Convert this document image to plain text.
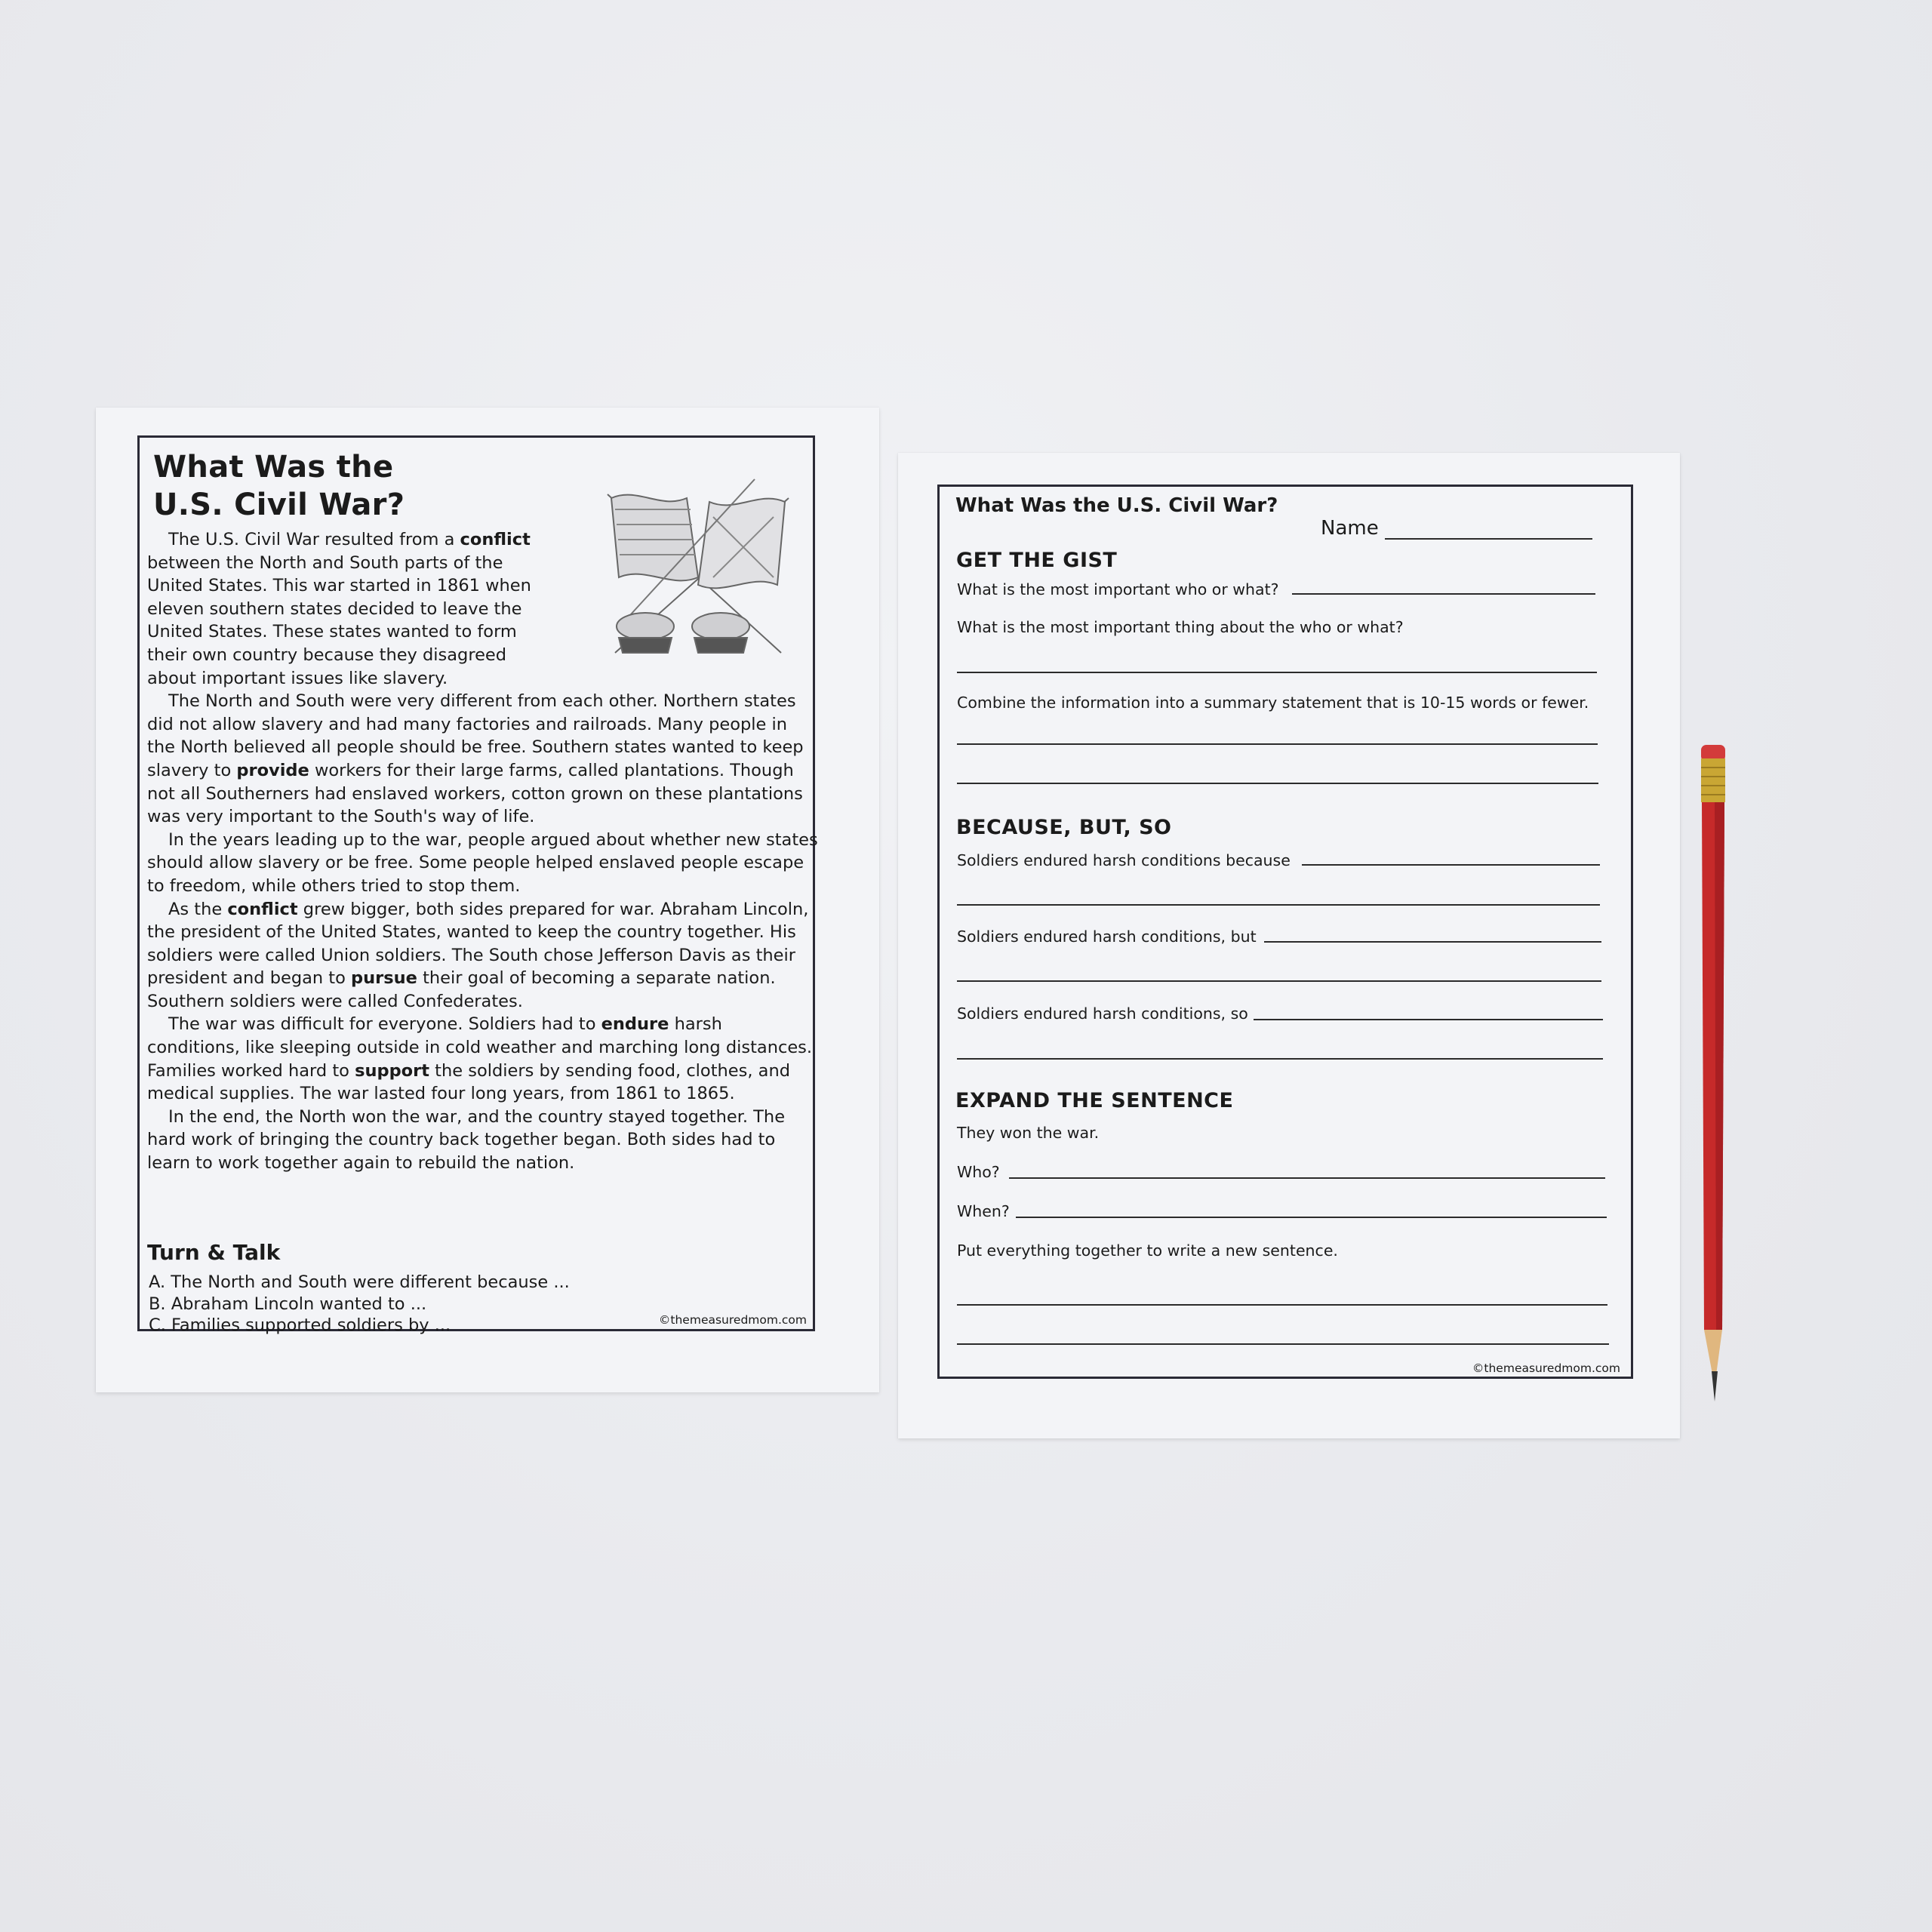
What Was the
U.S. Civil War?

The U.S. Civil War resulted from a conflict between the North and South parts of the United States. This war started in 1861 when eleven southern states decided to leave the United States. These states wanted to form their own country because they disagreed about important issues like slavery.

The North and South were very different from each other. Northern states did not allow slavery and had many factories and railroads. Many people in the North believed all people should be free. Southern states wanted to keep slavery to provide workers for their large farms, called plantations. Though not all Southerners had enslaved workers, cotton grown on these plantations was very important to the South's way of life.

In the years leading up to the war, people argued about whether new states should allow slavery or be free. Some people helped enslaved people escape to freedom, while others tried to stop them.

As the conflict grew bigger, both sides prepared for war. Abraham Lincoln, the president of the United States, wanted to keep the country together. His soldiers were called Union soldiers. The South chose Jefferson Davis as their president and began to pursue their goal of becoming a separate nation. Southern soldiers were called Confederates.

The war was difficult for everyone. Soldiers had to endure harsh conditions, like sleeping outside in cold weather and marching long distances. Families worked hard to support the soldiers by sending food, clothes, and medical supplies. The war lasted four long years, from 1861 to 1865.

In the end, the North won the war, and the country stayed together. The hard work of bringing the country back together began. Both sides had to learn to work together again to rebuild the nation.

Turn & Talk
A. The North and South were different because ...
B. Abraham Lincoln wanted to ...
C. Families supported soldiers by ...	©themeasuredmom.com
What Was the U.S. Civil War?
Name
GET THE GIST
What is the most important who or what?
What is the most important thing about the who or what?
Combine the information into a summary statement that is 10-15 words or fewer.
BECAUSE, BUT, SO
Soldiers endured harsh conditions because
Soldiers endured harsh conditions, but
Soldiers endured harsh conditions, so
EXPAND THE SENTENCE
They won the war.
Who?
When?
Put everything together to write a new sentence.
©themeasuredmom.com
